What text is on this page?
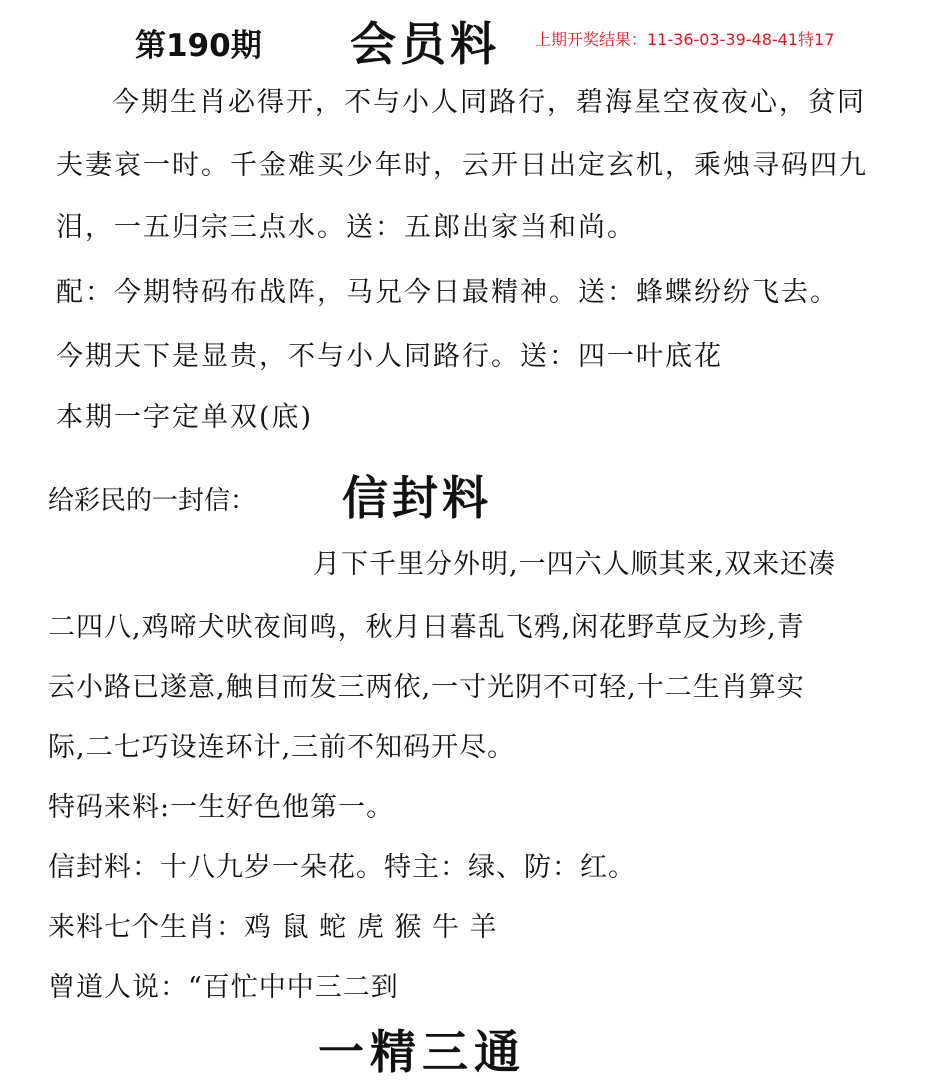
第190期 会员料 上期开奖结果：11-36-03-39-48-41特17
今期生肖必得开，不与小人同路行，碧海星空夜夜心，贫同
夫妻哀一时。千金难买少年时，云开日出定玄机，乘烛寻码四九
泪，一五归宗三点水。送：五郎出家当和尚。
配：今期特码布战阵，马兄今日最精神。送：蜂蝶纷纷飞去。
今期天下是显贵，不与小人同路行。送：四一叶底花
本期一字定单双(底)
给彩民的一封信： 信封料
月下千里分外明,一四六人顺其来,双来还凑
二四八,鸡啼犬吠夜间鸣，秋月日暮乱飞鸦,闲花野草反为珍,青
云小路已遂意,触目而发三两依,一寸光阴不可轻,十二生肖算实
际,二七巧设连环计,三前不知码开尽。
特码来料:一生好色他第一。
信封料：十八九岁一朵花。特主：绿、防：红。
来料七个生肖：鸡 鼠 蛇 虎 猴 牛 羊
曾道人说：“百忙中中三二到
一精三通
